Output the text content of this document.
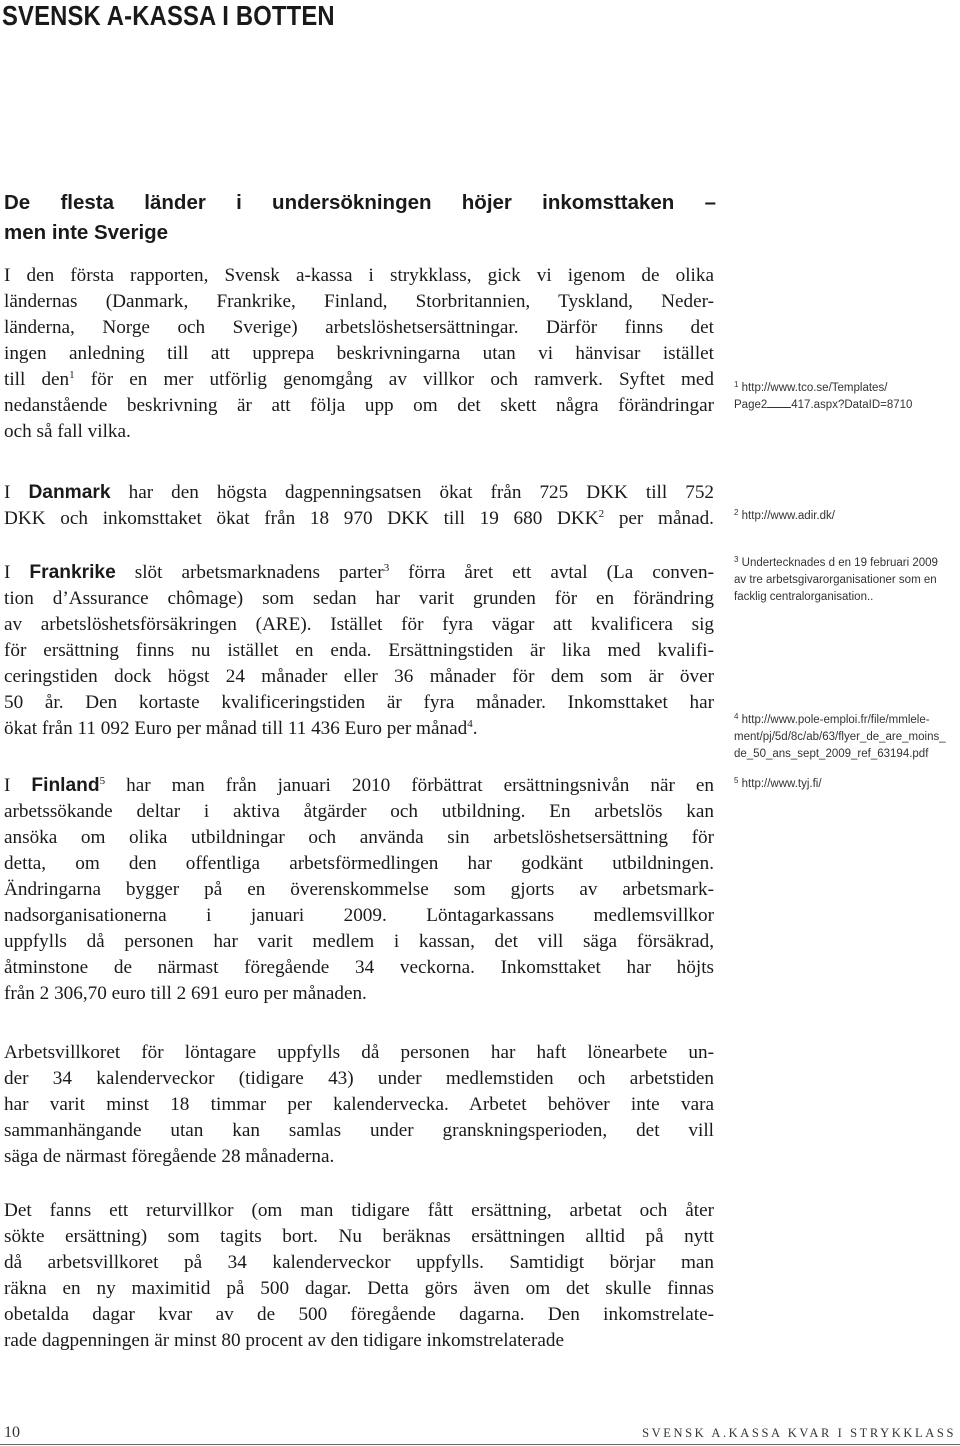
SVENSK A-KASSA I BOTTEN
De flesta länder i undersökningen höjer inkomsttaken –
men inte Sverige

I den första rapporten, Svensk a-kassa i strykklass, gick vi igenom de olika
ländernas (Danmark, Frankrike, Finland, Storbritannien, Tyskland, Neder-
länderna, Norge och Sverige) arbetslöshetsersättningar. Därför finns det
ingen anledning till att upprepa beskrivningarna utan vi hänvisar istället
till den$^1$ för en mer utförlig genomgång av villkor och ramverk. Syftet med
nedanstående beskrivning är att följa upp om det skett några förändringar
och så fall vilka.

I Danmark har den högsta dagpenningsatsen ökat från 725 DKK till 752
DKK och inkomsttaket ökat från 18 970 DKK till 19 680 DKK$^2$ per månad.

I Frankrike slöt arbetsmarknadens parter$^3$ förra året ett avtal (La conven-
tion d’Assurance chômage) som sedan har varit grunden för en förändring
av arbetslöshetsförsäkringen (ARE). Istället för fyra vägar att kvalificera sig
för ersättning finns nu istället en enda. Ersättningstiden är lika med kvalifi-
ceringstiden dock högst 24 månader eller 36 månader för dem som är över
50 år. Den kortaste kvalificeringstiden är fyra månader. Inkomsttaket har
ökat från 11 092 Euro per månad till 11 436 Euro per månad$^4$.

I Finland$^5$ har man från januari 2010 förbättrat ersättningsnivån när en
arbetssökande deltar i aktiva åtgärder och utbildning. En arbetslös kan
ansöka om olika utbildningar och använda sin arbetslöshetsersättning för
detta, om den offentliga arbetsförmedlingen har godkänt utbildningen.
Ändringarna bygger på en överenskommelse som gjorts av arbetsmark-
nadsorganisationerna i januari 2009. Löntagarkassans medlemsvillkor
uppfylls då personen har varit medlem i kassan, det vill säga försäkrad,
åtminstone de närmast föregående 34 veckorna. Inkomsttaket har höjts
från 2 306,70 euro till 2 691 euro per månaden.

Arbetsvillkoret för löntagare uppfylls då personen har haft lönearbete un-
der 34 kalenderveckor (tidigare 43) under medlemstiden och arbetstiden
har varit minst 18 timmar per kalendervecka. Arbetet behöver inte vara
sammanhängande utan kan samlas under granskningsperioden, det vill
säga de närmast föregående 28 månaderna.

Det fanns ett returvillkor (om man tidigare fått ersättning, arbetat och åter
sökte ersättning) som tagits bort. Nu beräknas ersättningen alltid på nytt
då arbetsvillkoret på 34 kalenderveckor uppfylls. Samtidigt börjar man
räkna en ny maximitid på 500 dagar. Detta görs även om det skulle finnas
obetalda dagar kvar av de 500 föregående dagarna. Den inkomstrelate-
rade dagpenningen är minst 80 procent av den tidigare inkomstrelaterade

$^1$ http://www.tco.se/Templates/
Page2 417.aspx?DataID=8710
$^2$ http://www.adir.dk/
$^3$ Undertecknades d en 19 februari 2009
av tre arbetsgivarorganisationer som en
facklig centralorganisation..
$^4$ http://www.pole-emploi.fr/file/mmlele-
ment/pj/5d/8c/ab/63/flyer_de_are_moins_
de_50_ans_sept_2009_ref_63194.pdf
$^5$ http://www.tyj.fi/
10	SVENSK A.KASSA KVAR I STRYKKLASS
